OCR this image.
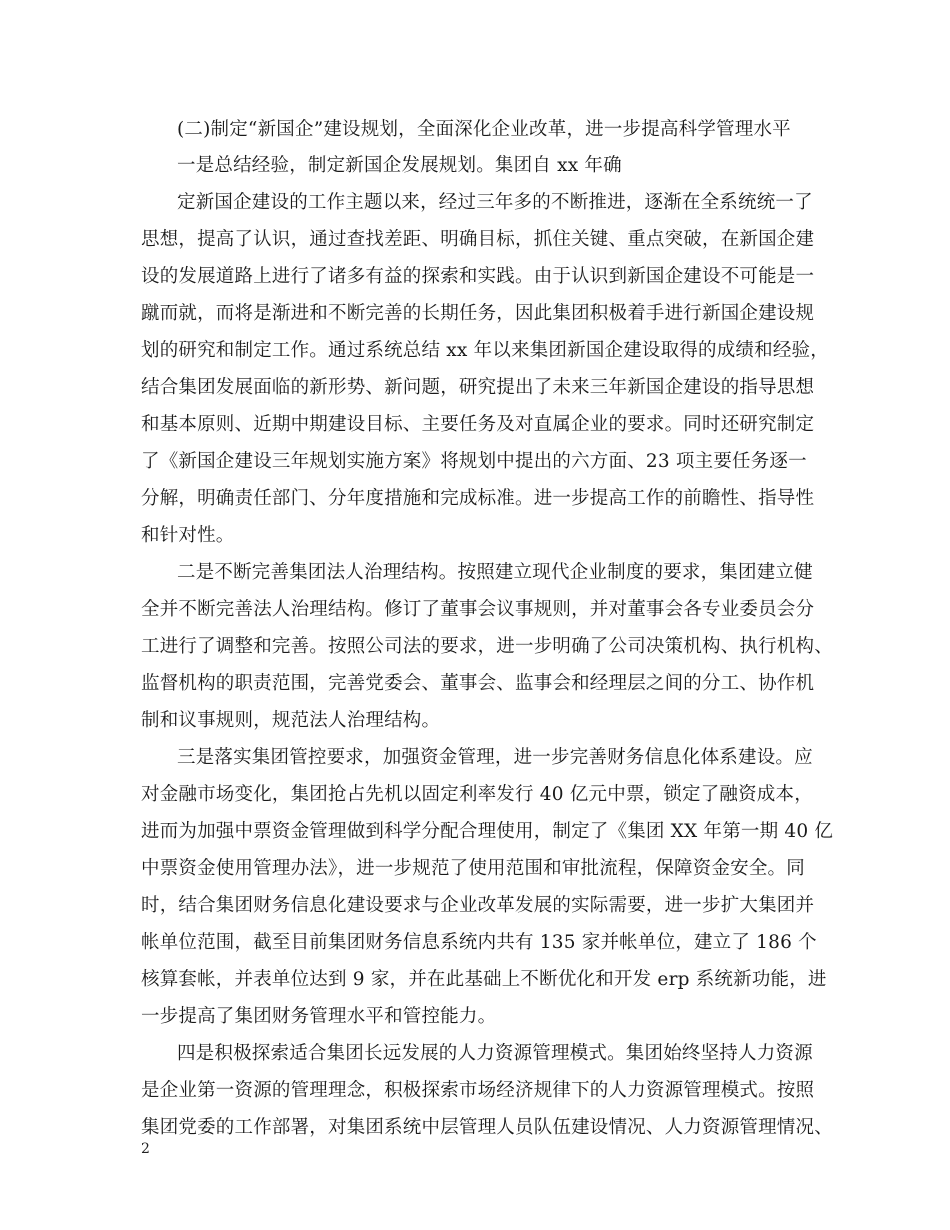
(二)制定“新国企”建设规划，全面深化企业改革，进一步提高科学管理水平
一是总结经验，制定新国企发展规划。集团自 xx 年确
定新国企建设的工作主题以来，经过三年多的不断推进，逐渐在全系统统一了
思想，提高了认识，通过查找差距、明确目标，抓住关键、重点突破，在新国企建
设的发展道路上进行了诸多有益的探索和实践。由于认识到新国企建设不可能是一
蹴而就，而将是渐进和不断完善的长期任务，因此集团积极着手进行新国企建设规
划的研究和制定工作。通过系统总结 xx 年以来集团新国企建设取得的成绩和经验，
结合集团发展面临的新形势、新问题，研究提出了未来三年新国企建设的指导思想
和基本原则、近期中期建设目标、主要任务及对直属企业的要求。同时还研究制定
了《新国企建设三年规划实施方案》将规划中提出的六方面、23 项主要任务逐一
分解，明确责任部门、分年度措施和完成标准。进一步提高工作的前瞻性、指导性
和针对性。
二是不断完善集团法人治理结构。按照建立现代企业制度的要求，集团建立健
全并不断完善法人治理结构。修订了董事会议事规则，并对董事会各专业委员会分
工进行了调整和完善。按照公司法的要求，进一步明确了公司决策机构、执行机构、
监督机构的职责范围，完善党委会、董事会、监事会和经理层之间的分工、协作机
制和议事规则，规范法人治理结构。
三是落实集团管控要求，加强资金管理，进一步完善财务信息化体系建设。应
对金融市场变化，集团抢占先机以固定利率发行 40 亿元中票，锁定了融资成本，
进而为加强中票资金管理做到科学分配合理使用，制定了《集团 XX 年第一期 40 亿
中票资金使用管理办法》，进一步规范了使用范围和审批流程，保障资金安全。同
时，结合集团财务信息化建设要求与企业改革发展的实际需要，进一步扩大集团并
帐单位范围，截至目前集团财务信息系统内共有 135 家并帐单位，建立了 186 个
核算套帐，并表单位达到 9 家，并在此基础上不断优化和开发 erp 系统新功能，进
一步提高了集团财务管理水平和管控能力。
四是积极探索适合集团长远发展的人力资源管理模式。集团始终坚持人力资源
是企业第一资源的管理理念，积极探索市场经济规律下的人力资源管理模式。按照
集团党委的工作部署，对集团系统中层管理人员队伍建设情况、人力资源管理情况、
2
